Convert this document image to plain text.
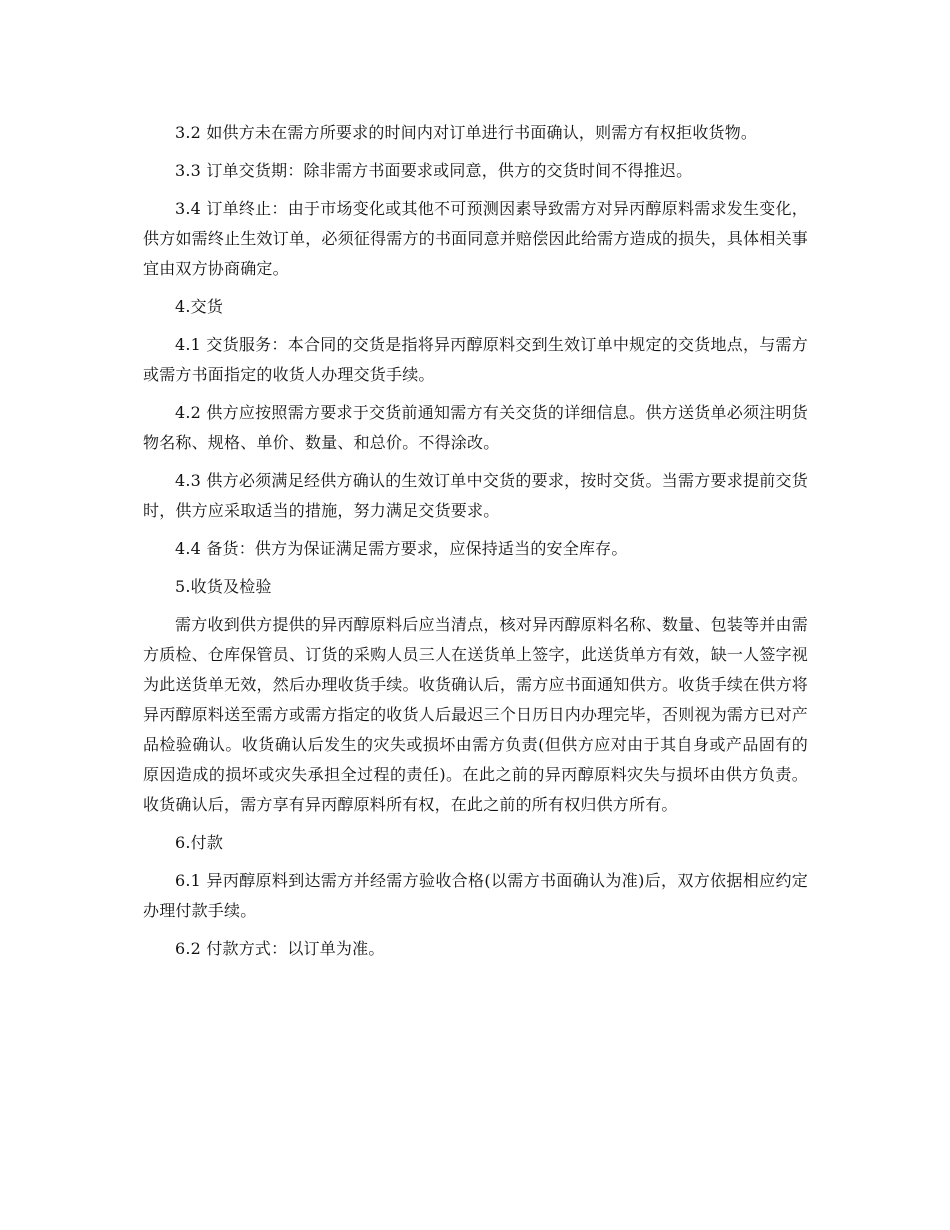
3.2 如供方未在需方所要求的时间内对订单进行书面确认，则需方有权拒收货物。

3.3 订单交货期：除非需方书面要求或同意，供方的交货时间不得推迟。

3.4 订单终止：由于市场变化或其他不可预测因素导致需方对异丙醇原料需求发生变化，供方如需终止生效订单，必须征得需方的书面同意并赔偿因此给需方造成的损失，具体相关事宜由双方协商确定。

4.交货

4.1 交货服务：本合同的交货是指将异丙醇原料交到生效订单中规定的交货地点，与需方或需方书面指定的收货人办理交货手续。

4.2 供方应按照需方要求于交货前通知需方有关交货的详细信息。供方送货单必须注明货物名称、规格、单价、数量、和总价。不得涂改。

4.3 供方必须满足经供方确认的生效订单中交货的要求，按时交货。当需方要求提前交货时，供方应采取适当的措施，努力满足交货要求。

4.4 备货：供方为保证满足需方要求，应保持适当的安全库存。

5.收货及检验

需方收到供方提供的异丙醇原料后应当清点，核对异丙醇原料名称、数量、包装等并由需方质检、仓库保管员、订货的采购人员三人在送货单上签字，此送货单方有效，缺一人签字视为此送货单无效，然后办理收货手续。收货确认后，需方应书面通知供方。收货手续在供方将异丙醇原料送至需方或需方指定的收货人后最迟三个日历日内办理完毕，否则视为需方已对产品检验确认。收货确认后发生的灾失或损坏由需方负责(但供方应对由于其自身或产品固有的原因造成的损坏或灾失承担全过程的责任)。在此之前的异丙醇原料灾失与损坏由供方负责。收货确认后，需方享有异丙醇原料所有权，在此之前的所有权归供方所有。

6.付款

6.1 异丙醇原料到达需方并经需方验收合格(以需方书面确认为准)后，双方依据相应约定办理付款手续。

6.2 付款方式：以订单为准。
